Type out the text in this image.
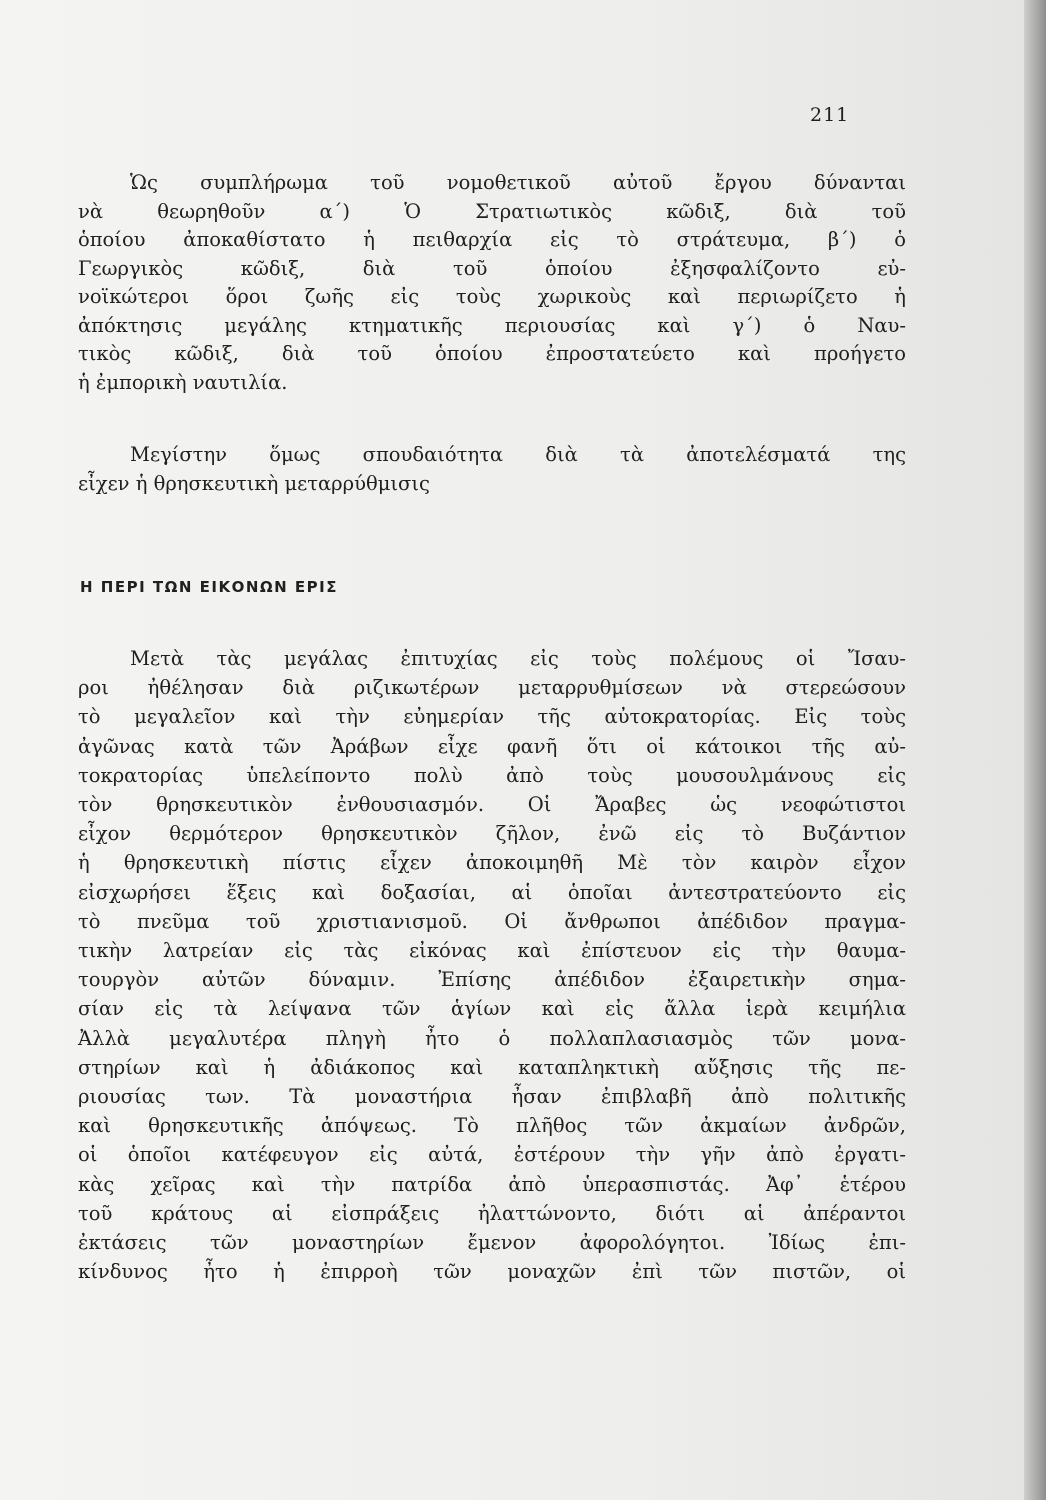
211
Ὡς συμπλήρωμα τοῦ νομοθετικοῦ αὐτοῦ ἔργου δύνανται
νὰ θεωρηθοῦν α΄) Ὁ Στρατιωτικὸς κῶδιξ, διὰ τοῦ
ὁποίου ἀποκαθίστατο ἡ πειθαρχία εἰς τὸ στράτευμα, β΄) ὁ
Γεωργικὸς κῶδιξ, διὰ τοῦ ὁποίου ἐξησφαλίζοντο εὐ-
νοϊκώτεροι ὅροι ζωῆς εἰς τοὺς χωρικοὺς καὶ περιωρίζετο ἡ
ἀπόκτησις μεγάλης κτηματικῆς περιουσίας καὶ γ΄) ὁ Ναυ-
τικὸς κῶδιξ, διὰ τοῦ ὁποίου ἐπροστατεύετο καὶ προήγετο
ἡ ἐμπορικὴ ναυτιλία.
Μεγίστην ὅμως σπουδαιότητα διὰ τὰ ἀποτελέσματά της
εἶχεν ἡ θρησκευτικὴ μεταρρύθμισις
Η ΠΕΡΙ ΤΩΝ ΕΙΚΟΝΩΝ ΕΡΙΣ
Μετὰ τὰς μεγάλας ἐπιτυχίας εἰς τοὺς πολέμους οἱ Ἴσαυ-
ροι ἠθέλησαν διὰ ριζικωτέρων μεταρρυθμίσεων νὰ στερεώσουν
τὸ μεγαλεῖον καὶ τὴν εὐημερίαν τῆς αὐτοκρατορίας. Εἰς τοὺς
ἀγῶνας κατὰ τῶν Ἀράβων εἶχε φανῆ ὅτι οἱ κάτοικοι τῆς αὐ-
τοκρατορίας ὑπελείποντο πολὺ ἀπὸ τοὺς μουσουλμάνους εἰς
τὸν θρησκευτικὸν ἐνθουσιασμόν. Οἱ Ἄραβες ὡς νεοφώτιστοι
εἶχον θερμότερον θρησκευτικὸν ζῆλον, ἐνῶ εἰς τὸ Βυζάντιον
ἡ θρησκευτικὴ πίστις εἶχεν ἀποκοιμηθῆ Μὲ τὸν καιρὸν εἶχον
εἰσχωρήσει ἕξεις καὶ δοξασίαι, αἱ ὁποῖαι ἀντεστρατεύοντο εἰς
τὸ πνεῦμα τοῦ χριστιανισμοῦ. Οἱ ἄνθρωποι ἀπέδιδον πραγμα-
τικὴν λατρείαν εἰς τὰς εἰκόνας καὶ ἐπίστευον εἰς τὴν θαυμα-
τουργὸν αὐτῶν δύναμιν. Ἐπίσης ἀπέδιδον ἐξαιρετικὴν σημα-
σίαν εἰς τὰ λείψανα τῶν ἁγίων καὶ εἰς ἄλλα ἱερὰ κειμήλια
Ἀλλὰ μεγαλυτέρα πληγὴ ἦτο ὁ πολλαπλασιασμὸς τῶν μονα-
στηρίων καὶ ἡ ἀδιάκοπος καὶ καταπληκτικὴ αὔξησις τῆς πε-
ριουσίας των. Τὰ μοναστήρια ἦσαν ἐπιβλαβῆ ἀπὸ πολιτικῆς
καὶ θρησκευτικῆς ἀπόψεως. Τὸ πλῆθος τῶν ἀκμαίων ἀνδρῶν,
οἱ ὁποῖοι κατέφευγον εἰς αὐτά, ἐστέρουν τὴν γῆν ἀπὸ ἐργατι-
κὰς χεῖρας καὶ τὴν πατρίδα ἀπὸ ὑπερασπιστάς. Ἀφ᾿ ἑτέρου
τοῦ κράτους αἱ εἰσπράξεις ἠλαττώνοντο, διότι αἱ ἀπέραντοι
ἐκτάσεις τῶν μοναστηρίων ἔμενον ἀφορολόγητοι. Ἰδίως ἐπι-
κίνδυνος ἦτο ἡ ἐπιρροὴ τῶν μοναχῶν ἐπὶ τῶν πιστῶν, οἱ
